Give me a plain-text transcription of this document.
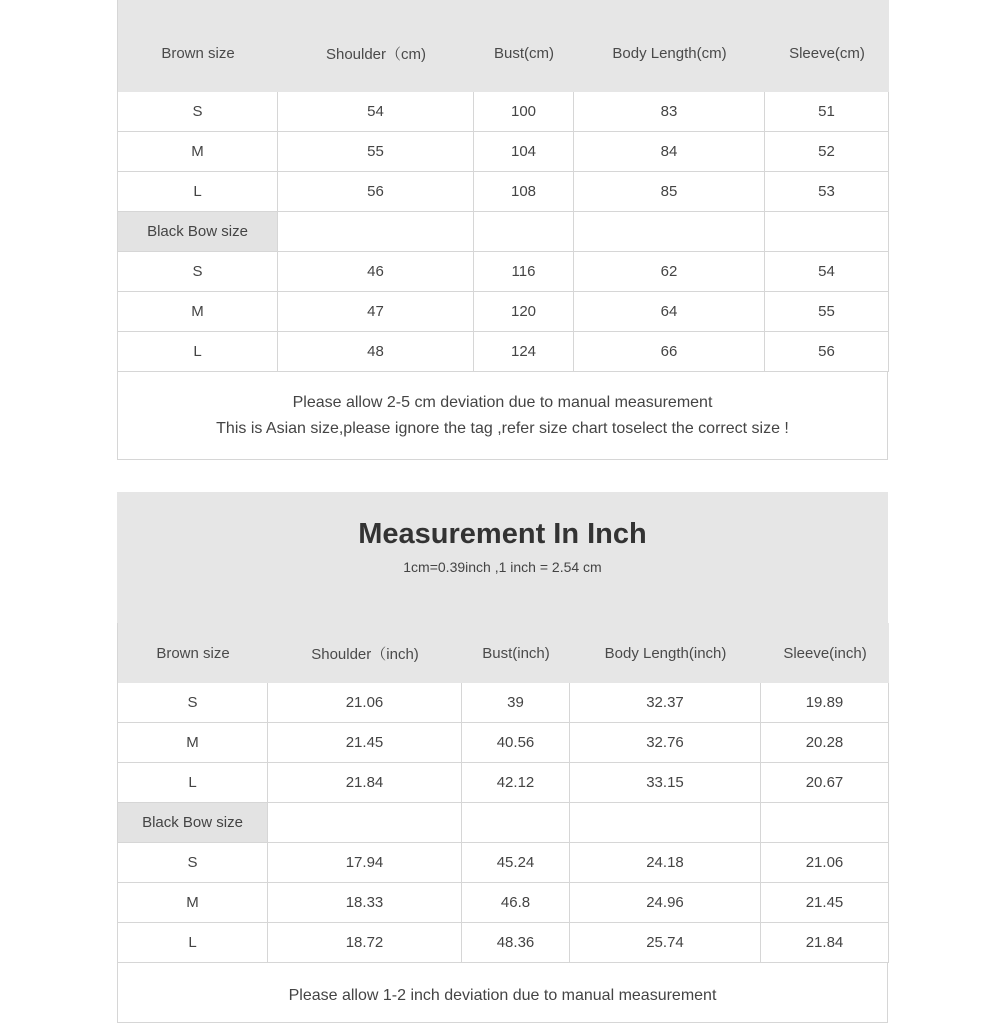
Brown size	Shoulder（cm)	Bust(cm)	Body Length(cm)	Sleeve(cm)
S	54	100	83	51
M	55	104	84	52
L	56	108	85	53
Black Bow size
S	46	116	62	54
M	47	120	64	55
L	48	124	66	56
Please allow 2-5 cm deviation due to manual measurement
This is Asian size,please ignore the tag ,refer size chart toselect the correct size !
Measurement In Inch
1cm=0.39inch ,1 inch = 2.54 cm
Brown size	Shoulder（inch)	Bust(inch)	Body Length(inch)	Sleeve(inch)
S	21.06	39	32.37	19.89
M	21.45	40.56	32.76	20.28
L	21.84	42.12	33.15	20.67
Black Bow size
S	17.94	45.24	24.18	21.06
M	18.33	46.8	24.96	21.45
L	18.72	48.36	25.74	21.84
Please allow 1-2 inch deviation due to manual measurement
